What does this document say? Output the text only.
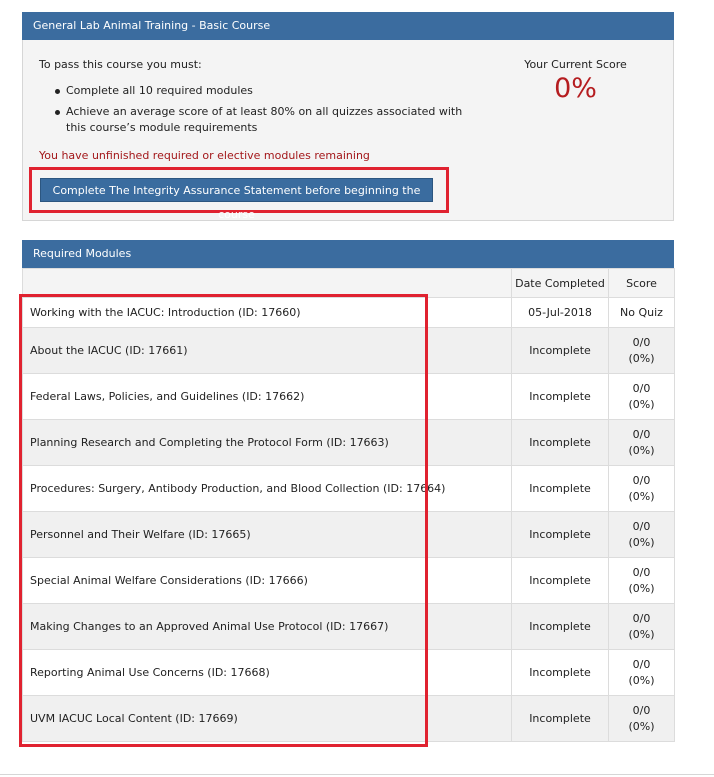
General Lab Animal Training - Basic Course
To pass this course you must:
Complete all 10 required modules
Achieve an average score of at least 80% on all quizzes associated with this course’s module requirements
You have unfinished required or elective modules remaining
Your Current Score
0%
Complete The Integrity Assurance Statement before beginning the course
Required Modules
	Date Completed	Score
Working with the IACUC: Introduction (ID: 17660)	05-Jul-2018	No Quiz

About the IACUC (ID: 17661)	Incomplete	0/0
(0%)

Federal Laws, Policies, and Guidelines (ID: 17662)	Incomplete	0/0
(0%)

Planning Research and Completing the Protocol Form (ID: 17663)	Incomplete	0/0
(0%)

Procedures: Surgery, Antibody Production, and Blood Collection (ID: 17664)	Incomplete	0/0
(0%)

Personnel and Their Welfare (ID: 17665)	Incomplete	0/0
(0%)

Special Animal Welfare Considerations (ID: 17666)	Incomplete	0/0
(0%)

Making Changes to an Approved Animal Use Protocol (ID: 17667)	Incomplete	0/0
(0%)

Reporting Animal Use Concerns (ID: 17668)	Incomplete	0/0
(0%)

UVM IACUC Local Content (ID: 17669)	Incomplete	0/0
(0%)
